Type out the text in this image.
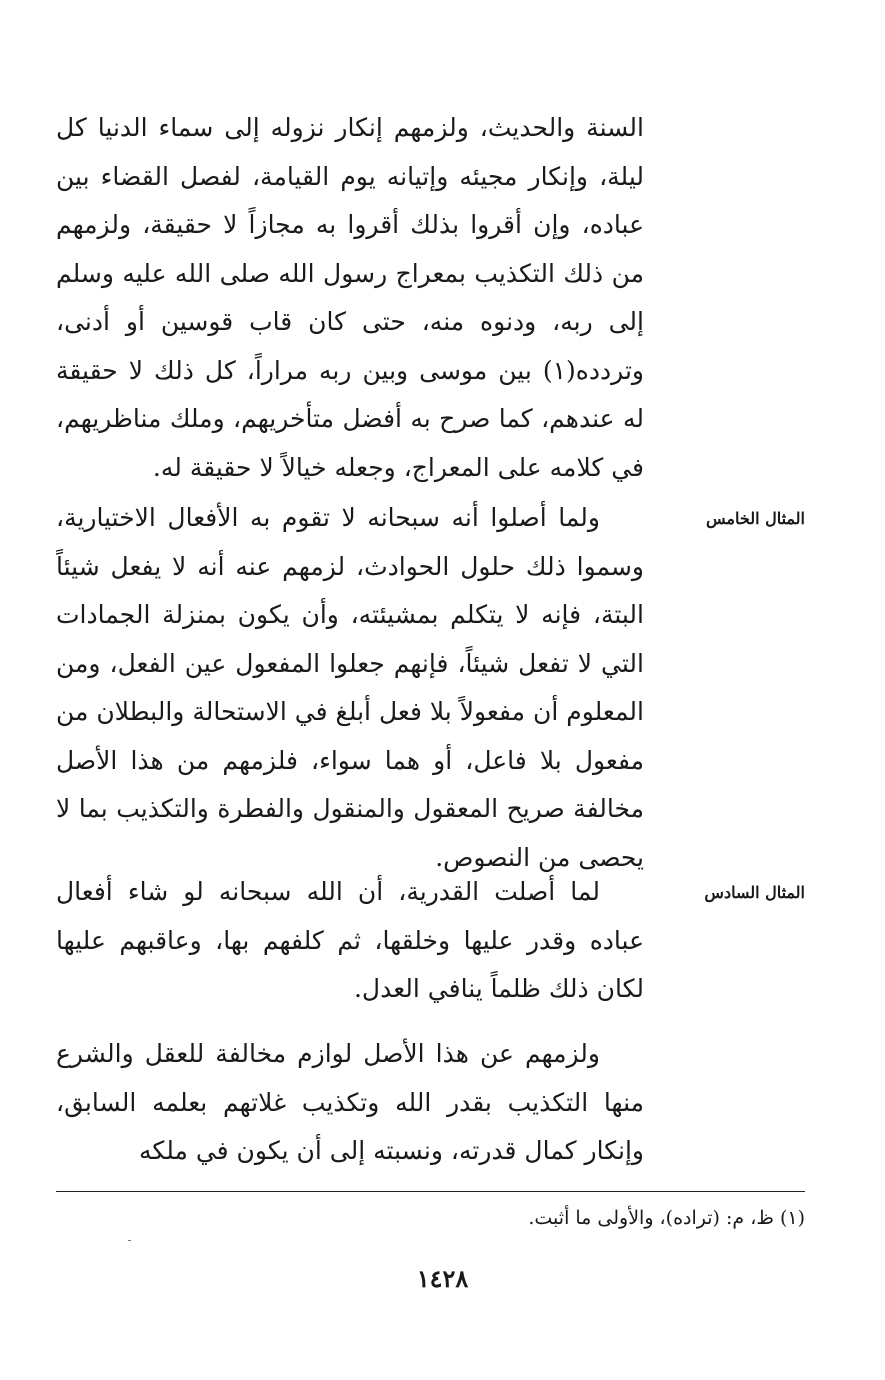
السنة والحديث، ولزمهم إنكار نزوله إلى سماء الدنيا كل ليلة، وإنكار مجيئه وإتيانه يوم القيامة، لفصل القضاء بين عباده، وإن أقروا بذلك أقروا به مجازاً لا حقيقة، ولزمهم من ذلك التكذيب بمعراج رسول الله صلى الله عليه وسلم إلى ربه، ودنوه منه، حتى كان قاب قوسين أو أدنى، وتردده(١) بين موسى وبين ربه مراراً، كل ذلك لا حقيقة له عندهم، كما صرح به أفضل متأخريهم، وملك مناظريهم، في كلامه على المعراج، وجعله خيالاً لا حقيقة له.

المثال الخامس

ولما أصلوا أنه سبحانه لا تقوم به الأفعال الاختيارية، وسموا ذلك حلول الحوادث، لزمهم عنه أنه لا يفعل شيئاً البتة، فإنه لا يتكلم بمشيئته، وأن يكون بمنزلة الجمادات التي لا تفعل شيئاً، فإنهم جعلوا المفعول عين الفعل، ومن المعلوم أن مفعولاً بلا فعل أبلغ في الاستحالة والبطلان من مفعول بلا فاعل، أو هما سواء، فلزمهم من هذا الأصل مخالفة صريح المعقول والمنقول والفطرة والتكذيب بما لا يحصى من النصوص.

المثال السادس

لما أصلت القدرية، أن الله سبحانه لو شاء أفعال عباده وقدر عليها وخلقها، ثم كلفهم بها، وعاقبهم عليها لكان ذلك ظلماً ينافي العدل.

ولزمهم عن هذا الأصل لوازم مخالفة للعقل والشرع منها التكذيب بقدر الله وتكذيب غلاتهم بعلمه السابق، وإنكار كمال قدرته، ونسبته إلى أن يكون في ملكه

(١) ظ، م: (تراده)، والأولى ما أثبت.
١٤٢٨
